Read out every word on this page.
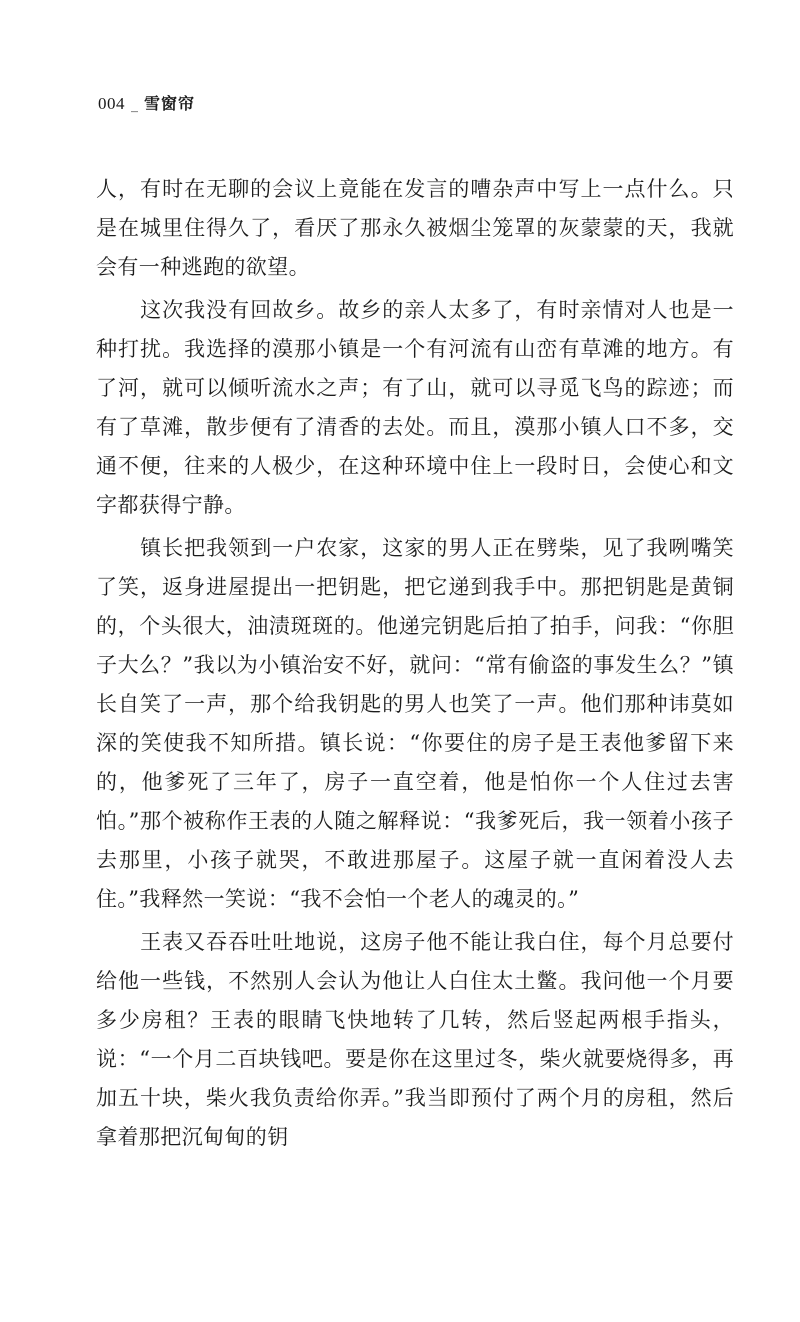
004 _ 雪窗帘

人，有时在无聊的会议上竟能在发言的嘈杂声中写上一点什么。只是在城里住得久了，看厌了那永久被烟尘笼罩的灰蒙蒙的天，我就会有一种逃跑的欲望。

这次我没有回故乡。故乡的亲人太多了，有时亲情对人也是一种打扰。我选择的漠那小镇是一个有河流有山峦有草滩的地方。有了河，就可以倾听流水之声；有了山，就可以寻觅飞鸟的踪迹；而有了草滩，散步便有了清香的去处。而且，漠那小镇人口不多，交通不便，往来的人极少，在这种环境中住上一段时日，会使心和文字都获得宁静。

镇长把我领到一户农家，这家的男人正在劈柴，见了我咧嘴笑了笑，返身进屋提出一把钥匙，把它递到我手中。那把钥匙是黄铜的，个头很大，油渍斑斑的。他递完钥匙后拍了拍手，问我：“你胆子大么？”我以为小镇治安不好，就问：“常有偷盗的事发生么？”镇长自笑了一声，那个给我钥匙的男人也笑了一声。他们那种讳莫如深的笑使我不知所措。镇长说：“你要住的房子是王表他爹留下来的，他爹死了三年了，房子一直空着，他是怕你一个人住过去害怕。”那个被称作王表的人随之解释说：“我爹死后，我一领着小孩子去那里，小孩子就哭，不敢进那屋子。这屋子就一直闲着没人去住。”我释然一笑说：“我不会怕一个老人的魂灵的。”

王表又吞吞吐吐地说，这房子他不能让我白住，每个月总要付给他一些钱，不然别人会认为他让人白住太土鳖。我问他一个月要多少房租？王表的眼睛飞快地转了几转，然后竖起两根手指头，说：“一个月二百块钱吧。要是你在这里过冬，柴火就要烧得多，再加五十块，柴火我负责给你弄。”我当即预付了两个月的房租，然后拿着那把沉甸甸的钥
